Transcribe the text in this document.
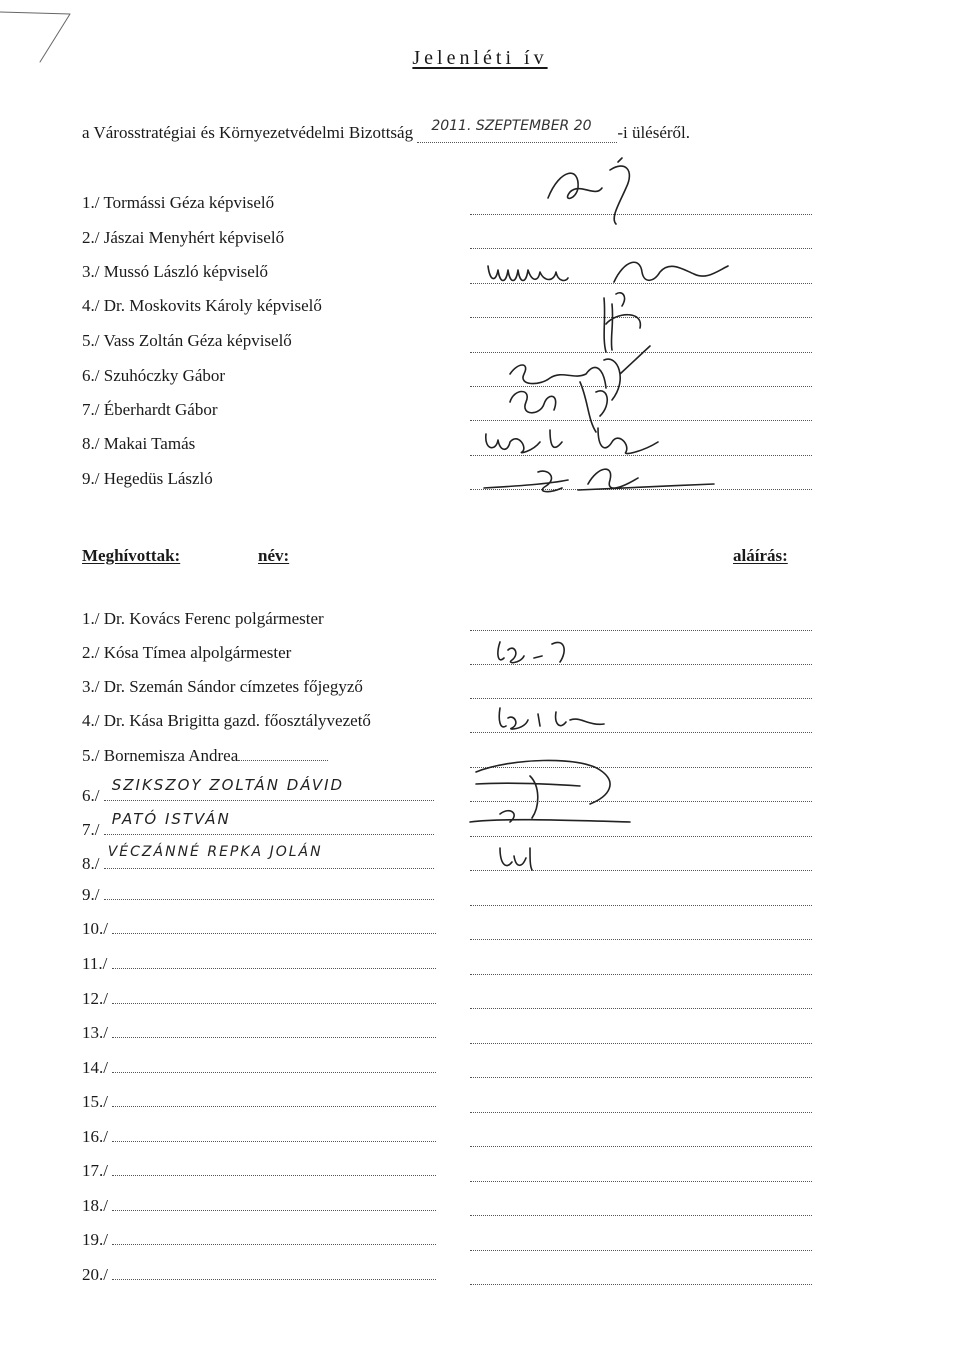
Jelenléti ív
a Városstratégiai és Környezetvédelmi Bizottság 2011. SZEPTEMBER 20 -i üléséről.
1./ Tormássi Géza képviselő
2./ Jászai Menyhért képviselő
3./ Mussó László képviselő
4./ Dr. Moskovits Károly képviselő
5./ Vass Zoltán Géza képviselő
6./ Szuhóczky Gábor
7./ Éberhardt Gábor
8./ Makai Tamás
9./ Hegedüs László
Meghívottak:	név:	aláírás:
1./ Dr. Kovács Ferenc polgármester
2./ Kósa Tímea alpolgármester
3./ Dr. Szemán Sándor címzetes főjegyző
4./ Dr. Kása Brigitta gazd. főosztályvezető
5./ Bornemisza Andrea
6./
SZIKSZOY ZOLTÁN DÁVID
7./
PATÓ ISTVÁN
8./
VÉCZÁNNÉ REPKA JOLÁN
9./
10./
11./
12./
13./
14./
15./
16./
17./
18./
19./
20./
